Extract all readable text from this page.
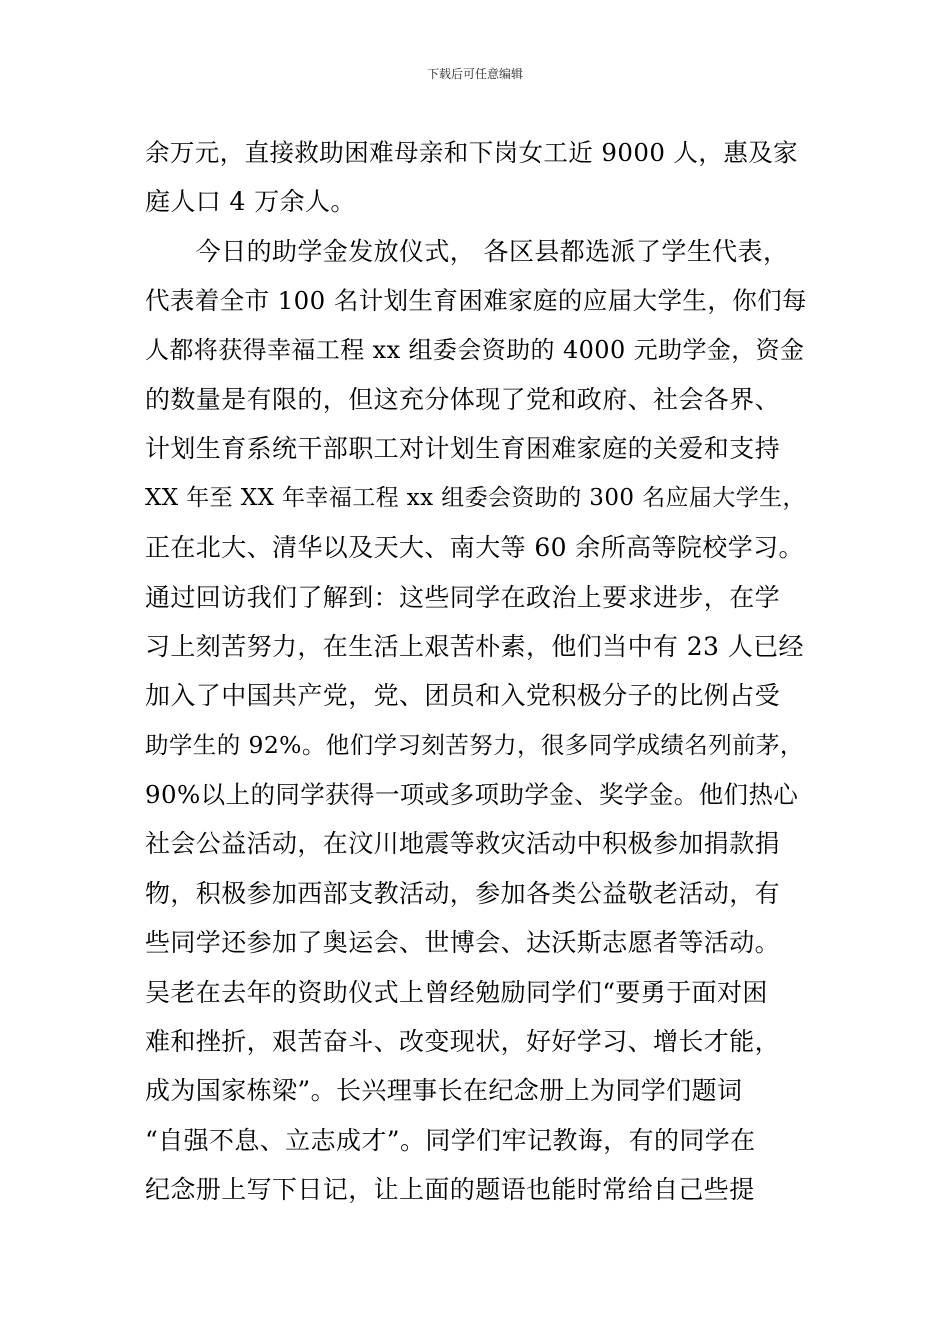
下载后可任意编辑
余万元，直接救助困难母亲和下岗女工近 9000 人，惠及家
庭人口 4 万余人。
　　今日的助学金发放仪式， 各区县都选派了学生代表，
代表着全市 100 名计划生育困难家庭的应届大学生，你们每
人都将获得幸福工程 xx 组委会资助的 4000 元助学金，资金
的数量是有限的，但这充分体现了党和政府、社会各界、
计划生育系统干部职工对计划生育困难家庭的关爱和支持
XX 年至 XX 年幸福工程 xx 组委会资助的 300 名应届大学生，
正在北大、清华以及天大、南大等 60 余所高等院校学习。
通过回访我们了解到：这些同学在政治上要求进步，在学
习上刻苦努力，在生活上艰苦朴素，他们当中有 23 人已经
加入了中国共产党，党、团员和入党积极分子的比例占受
助学生的 92%。他们学习刻苦努力，很多同学成绩名列前茅，
90%以上的同学获得一项或多项助学金、奖学金。他们热心
社会公益活动，在汶川地震等救灾活动中积极参加捐款捐
物，积极参加西部支教活动，参加各类公益敬老活动，有
些同学还参加了奥运会、世博会、达沃斯志愿者等活动。
吴老在去年的资助仪式上曾经勉励同学们“要勇于面对困
难和挫折，艰苦奋斗、改变现状，好好学习、增长才能，
成为国家栋梁”。长兴理事长在纪念册上为同学们题词
“自强不息、立志成才”。同学们牢记教诲，有的同学在
纪念册上写下日记，让上面的题语也能时常给自己些提
